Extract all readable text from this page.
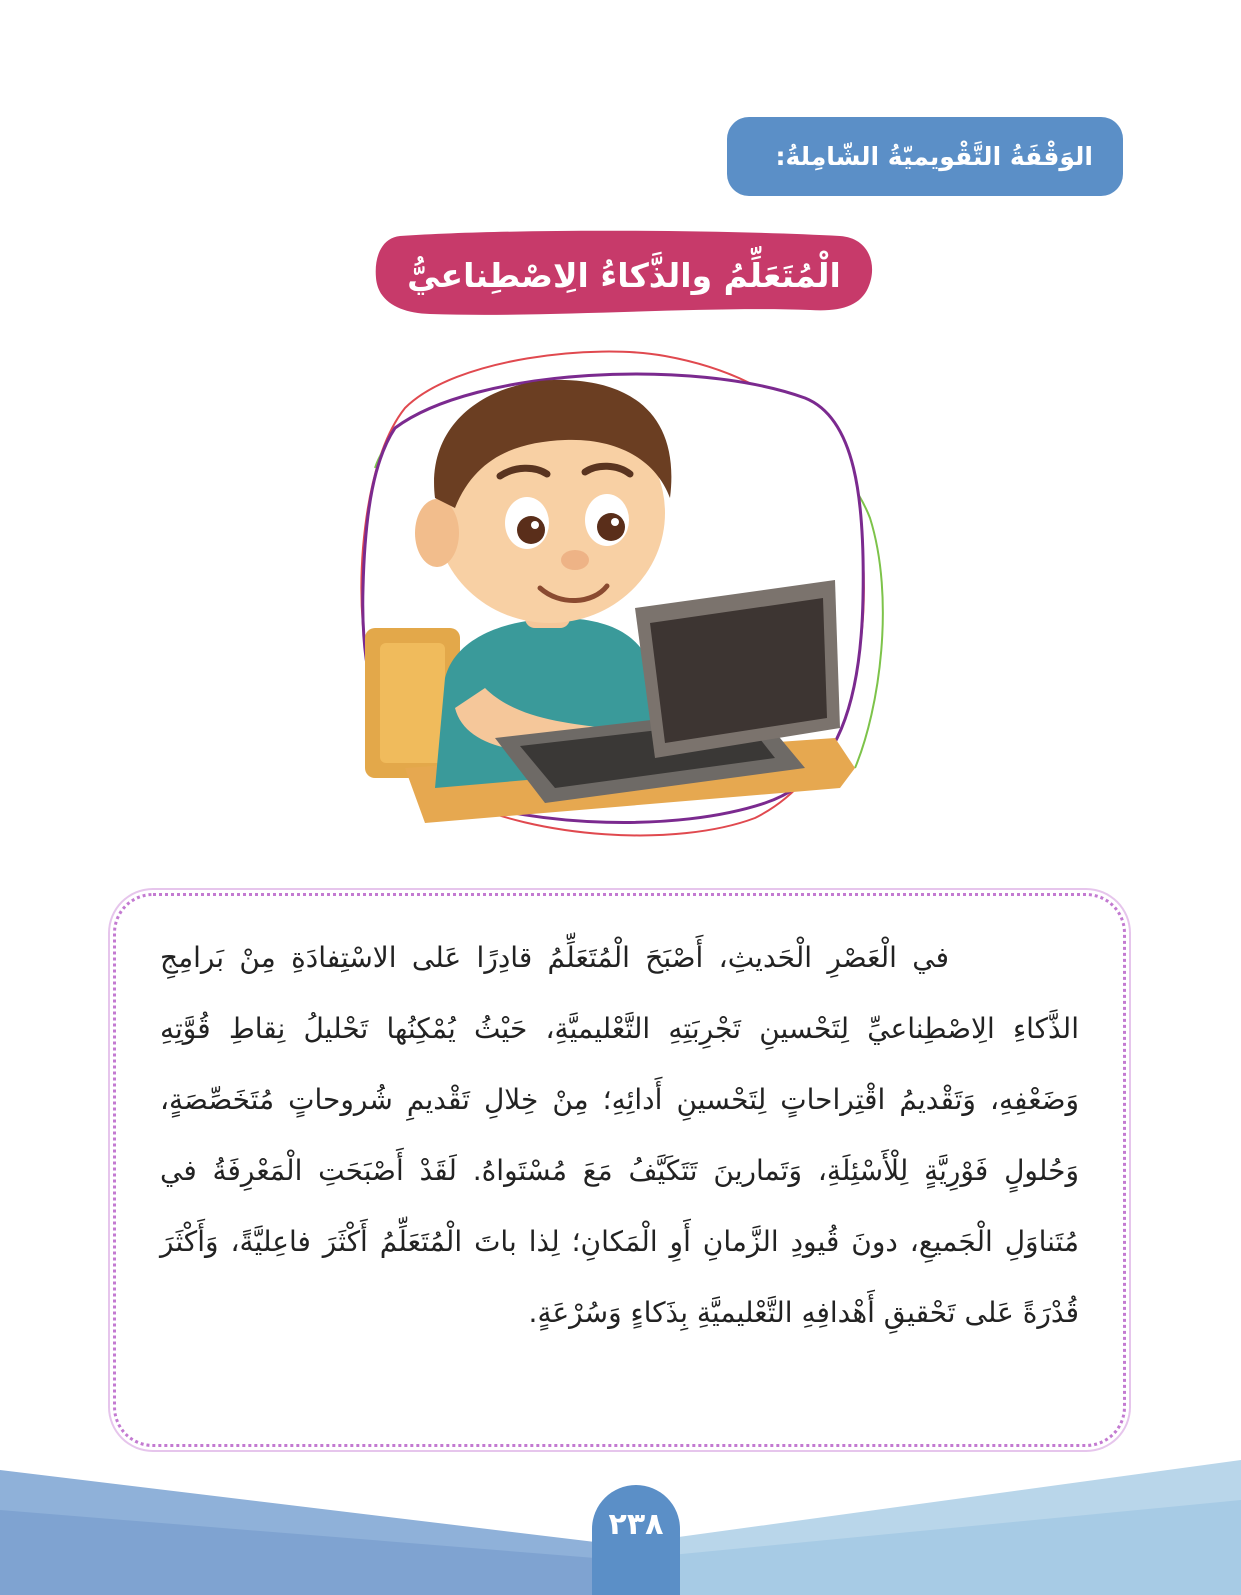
الوَقْفَةُ التَّقْويميّةُ الشّامِلةُ:
الْمُتَعَلِّمُ والذَّكاءُ الِاصْطِناعيُّ

في الْعَصْرِ الْحَديثِ، أَصْبَحَ الْمُتَعَلِّمُ قادِرًا عَلى الاسْتِفادَةِ مِنْ بَرامِجِ الذَّكاءِ الِاصْطِناعيِّ لِتَحْسينِ تَجْرِبَتِهِ التَّعْليميَّةِ، حَيْثُ يُمْكِنُها تَحْليلُ نِقاطِ قُوَّتِهِ وَضَعْفِهِ، وَتَقْديمُ اقْتِراحاتٍ لِتَحْسينِ أَدائِهِ؛ مِنْ خِلالِ تَقْديمِ شُروحاتٍ مُتَخَصِّصَةٍ، وَحُلولٍ فَوْرِيَّةٍ لِلْأَسْئِلَةِ، وَتَمارينَ تَتَكَيَّفُ مَعَ مُسْتَواهُ. لَقَدْ أَصْبَحَتِ الْمَعْرِفَةُ في مُتَناوَلِ الْجَميعِ، دونَ قُيودِ الزَّمانِ أَوِ الْمَكانِ؛ لِذا باتَ الْمُتَعَلِّمُ أَكْثَرَ فاعِليَّةً، وَأَكْثَرَ قُدْرَةً عَلى تَحْقيقِ أَهْدافِهِ التَّعْليميَّةِ بِذَكاءٍ وَسُرْعَةٍ.

٢٣٨
